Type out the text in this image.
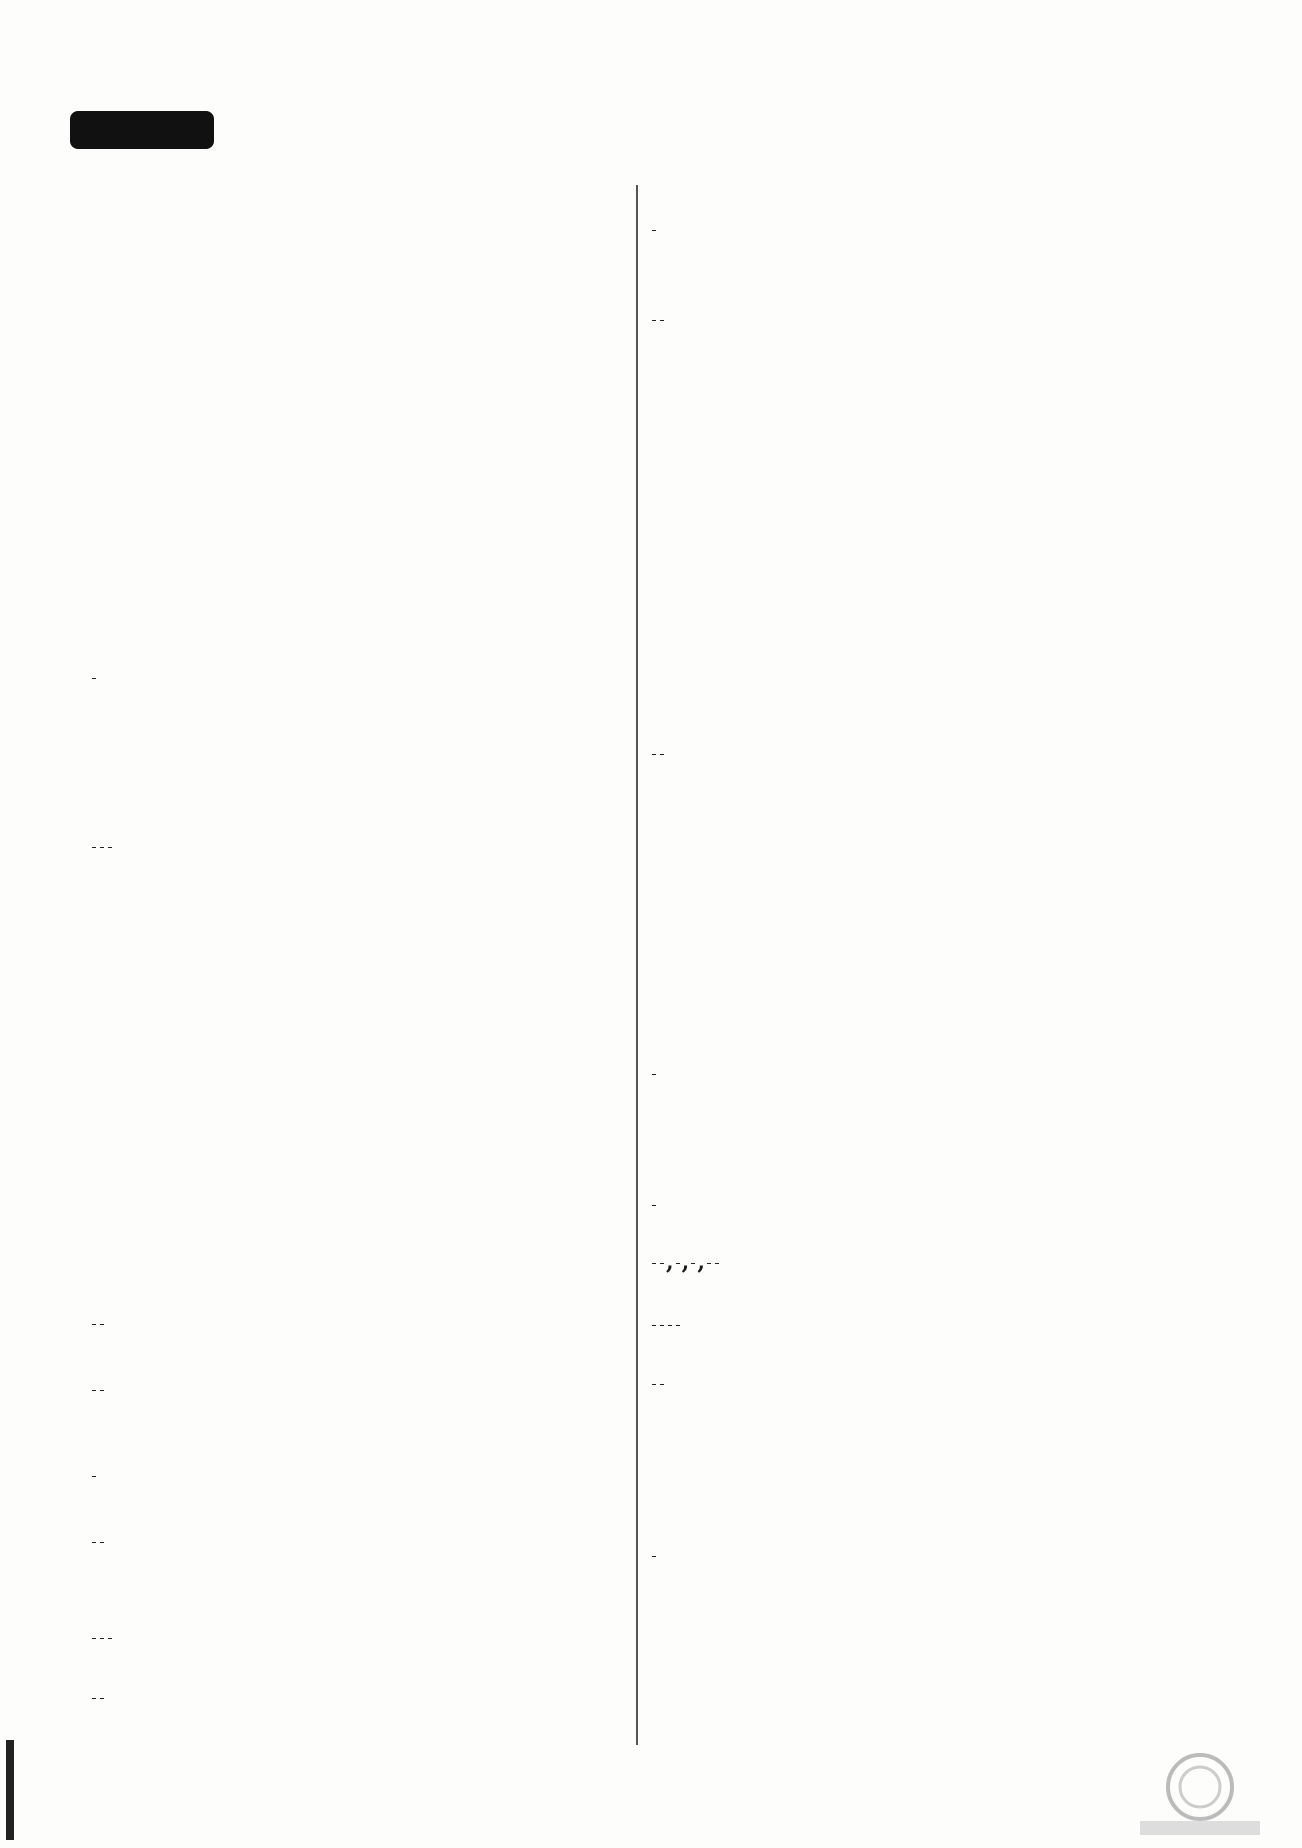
, , ,
